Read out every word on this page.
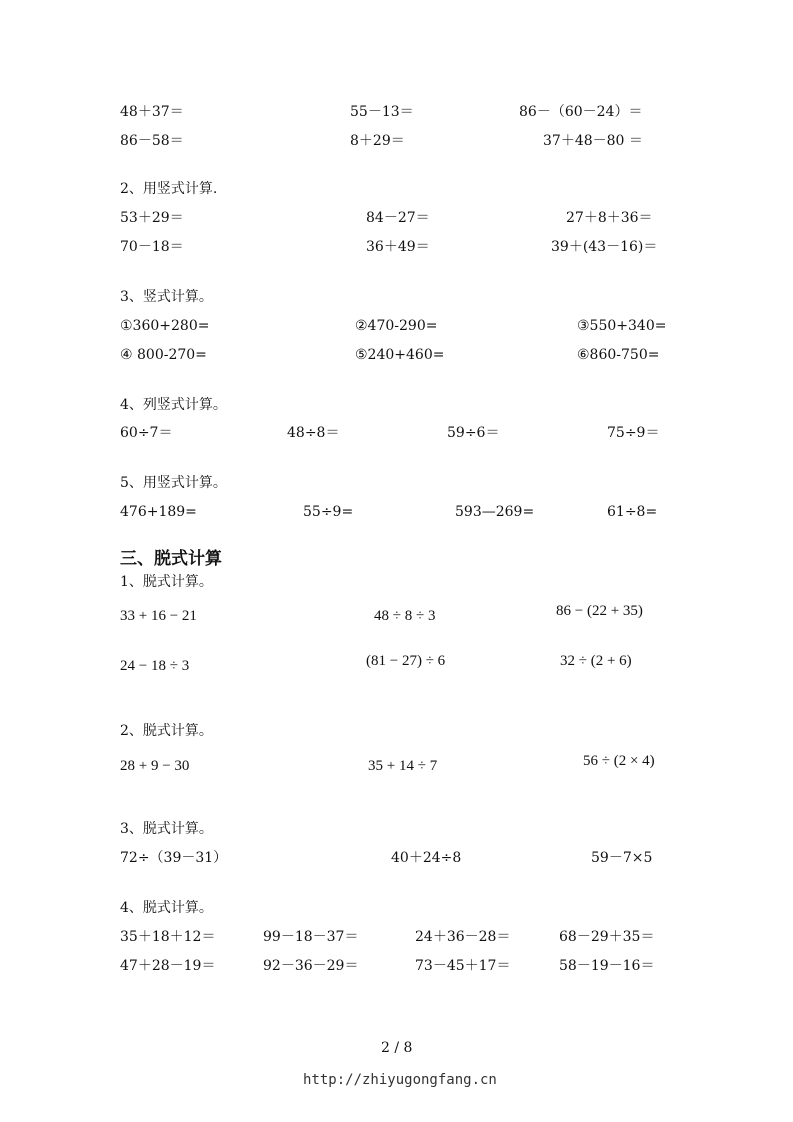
48＋37＝	55－13＝	86－（60－24）＝
86－58＝	8＋29＝	37＋48－80 ＝
2、用竖式计算.
53＋29＝	84－27＝	27＋8＋36＝
70－18＝	36＋49＝	39＋(43－16)＝
3、竖式计算。
①360+280=	②470-290=	③550+340=
④ 800-270=	⑤240+460=	⑥860-750=
4、列竖式计算。
60÷7＝	48÷8＝	59÷6＝	75÷9＝
5、用竖式计算。
476+189=	55÷9=	593—269=	61÷8=
三、脱式计算
1、脱式计算。
33 + 16 − 21	48 ÷ 8 ÷ 3	86 − (22 + 35)
24 − 18 ÷ 3	(81 − 27) ÷ 6	32 ÷ (2 + 6)
2、脱式计算。
28 + 9 − 30	35 + 14 ÷ 7	56 ÷ (2 × 4)
3、脱式计算。
72÷（39－31）	40＋24÷8	59－7×5
4、脱式计算。
35＋18＋12＝	99－18－37＝	24＋36－28＝	68－29＋35＝
47＋28－19＝	92－36－29＝	73－45＋17＝	58－19－16＝
2 / 8
http://zhiyugongfang.cn
